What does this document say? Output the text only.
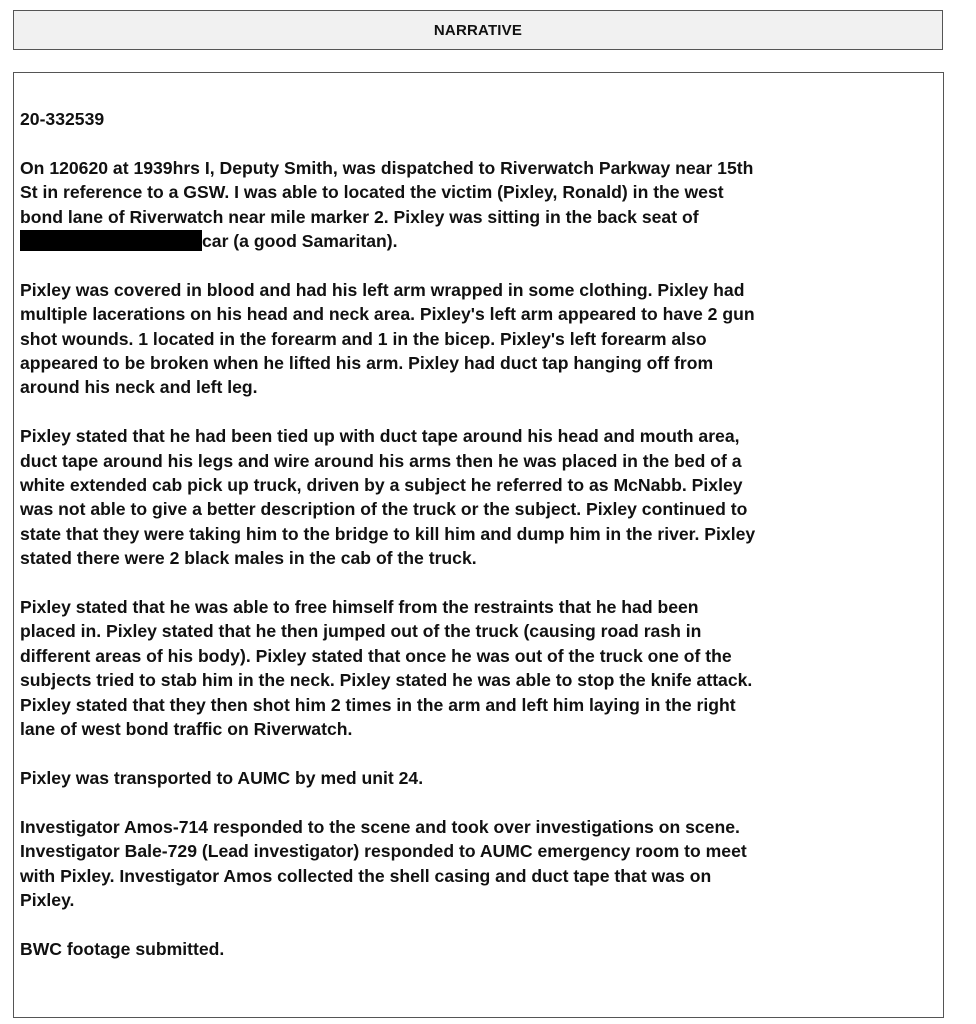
NARRATIVE

20-332539

On 120620 at 1939hrs I, Deputy Smith, was dispatched to Riverwatch Parkway near 15th
St in reference to a GSW. I was able to located the victim (Pixley, Ronald) in the west
bond lane of Riverwatch near mile marker 2. Pixley was sitting in the back seat of
car (a good Samaritan).

Pixley was covered in blood and had his left arm wrapped in some clothing. Pixley had
multiple lacerations on his head and neck area. Pixley's left arm appeared to have 2 gun
shot wounds. 1 located in the forearm and 1 in the bicep. Pixley's left forearm also
appeared to be broken when he lifted his arm. Pixley had duct tap hanging off from
around his neck and left leg.

Pixley stated that he had been tied up with duct tape around his head and mouth area,
duct tape around his legs and wire around his arms then he was placed in the bed of a
white extended cab pick up truck, driven by a subject he referred to as McNabb. Pixley
was not able to give a better description of the truck or the subject. Pixley continued to
state that they were taking him to the bridge to kill him and dump him in the river. Pixley
stated there were 2 black males in the cab of the truck.

Pixley stated that he was able to free himself from the restraints that he had been
placed in. Pixley stated that he then jumped out of the truck (causing road rash in
different areas of his body). Pixley stated that once he was out of the truck one of the
subjects tried to stab him in the neck. Pixley stated he was able to stop the knife attack.
Pixley stated that they then shot him 2 times in the arm and left him laying in the right
lane of west bond traffic on Riverwatch.

Pixley was transported to AUMC by med unit 24.

Investigator Amos-714 responded to the scene and took over investigations on scene.
Investigator Bale-729 (Lead investigator) responded to AUMC emergency room to meet
with Pixley. Investigator Amos collected the shell casing and duct tape that was on
Pixley.

BWC footage submitted.
